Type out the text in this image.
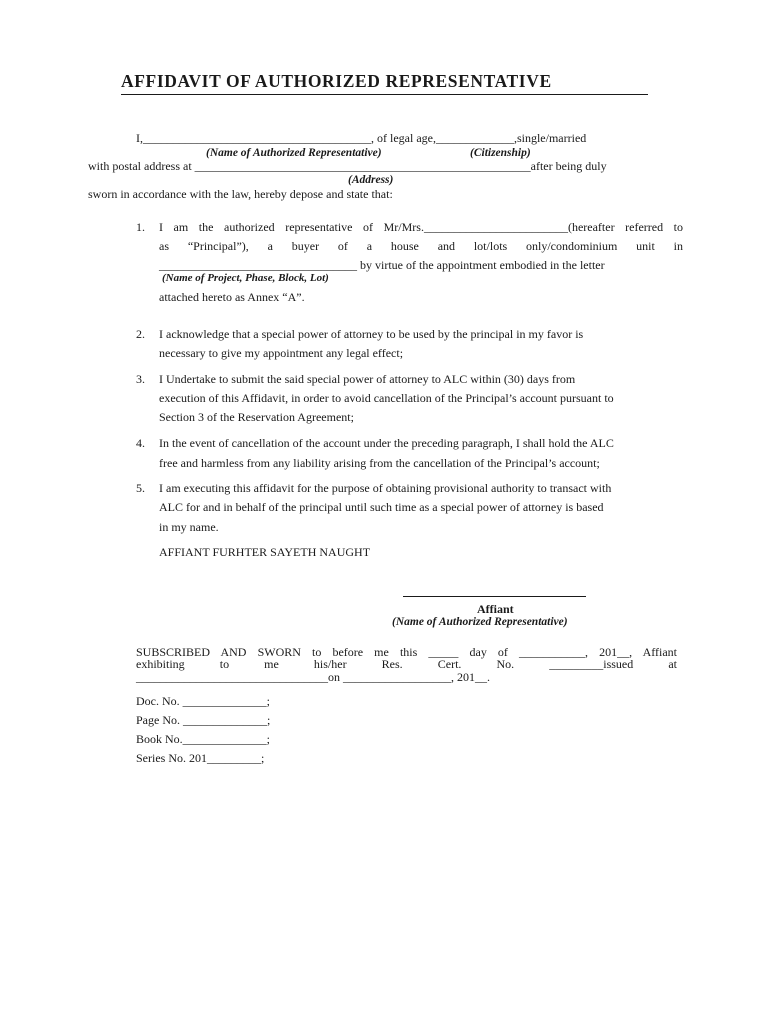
AFFIDAVIT OF AUTHORIZED REPRESENTATIVE
I,______________________________________, of legal age,_____________,single/married
(Name of Authorized Representative)	(Citizenship)
with postal address at ________________________________________________________after being duly
(Address)
sworn in accordance with the law, hereby depose and state that:
1. I am the authorized representative of Mr/Mrs.________________________(hereafter referred to
as “Principal”), a buyer of a house and lot/lots only/condominium unit in
_________________________________ by virtue of the appointment embodied in the letter
(Name of Project, Phase, Block, Lot)
attached hereto as Annex “A”.
2. I acknowledge that a special power of attorney to be used by the principal in my favor is
necessary to give my appointment any legal effect;
3. I Undertake to submit the said special power of attorney to ALC within (30) days from
execution of this Affidavit, in order to avoid cancellation of the Principal’s account pursuant to
Section 3 of the Reservation Agreement;
4. In the event of cancellation of the account under the preceding paragraph, I shall hold the ALC
free and harmless from any liability arising from the cancellation of the Principal’s account;
5. I am executing this affidavit for the purpose of obtaining provisional authority to transact with
ALC for and in behalf of the principal until such time as a special power of attorney is based
in my name.
AFFIANT FURHTER SAYETH NAUGHT
Affiant
(Name of Authorized Representative)
SUBSCRIBED AND SWORN to before me this _____ day of ___________, 201__, Affiant
exhibiting	to	me	his/her	Res.	Cert.	No.	_________issued	at
________________________________on __________________, 201__.
Doc. No. ______________;
Page No. ______________;
Book No.______________;
Series No. 201_________;
